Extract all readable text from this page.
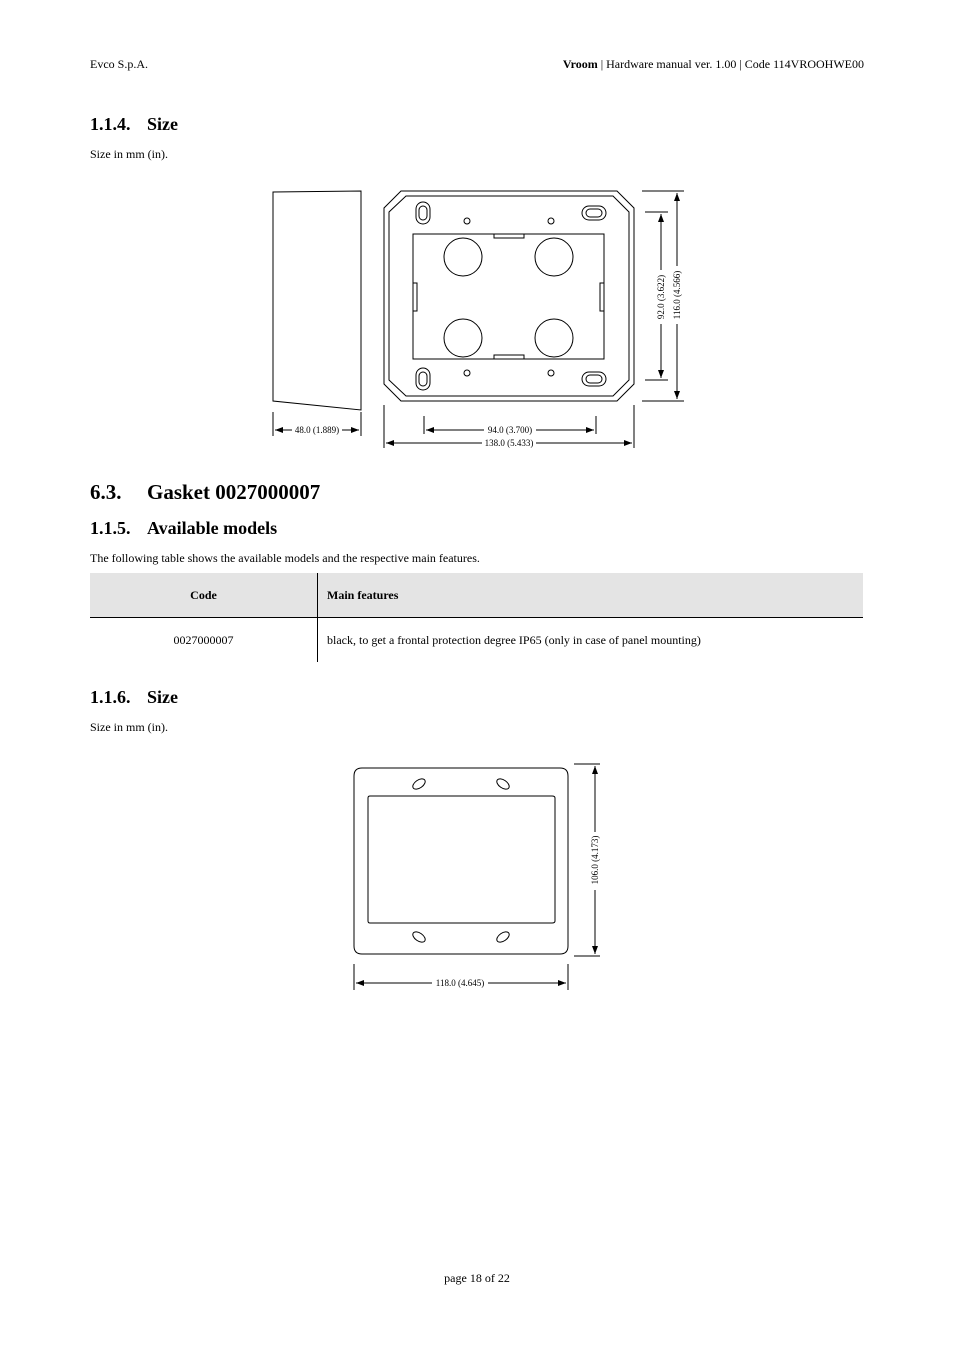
Evco S.p.A.	Vroom | Hardware manual ver. 1.00 | Code 114VROOHWE00
1.1.4. Size
Size in mm (in).
48.0 (1.889)	94.0 (3.700)
138.0 (5.433)
92.0 (3.622) 116.0 (4.566)
6.3. Gasket 0027000007
1.1.5. Available models
The following table shows the available models and the respective main features.
Code	Main features
0027000007	black, to get a frontal protection degree IP65 (only in case of panel mounting)
1.1.6. Size
Size in mm (in).
106.0 (4.173)
118.0 (4.645)
page 18 of 22
